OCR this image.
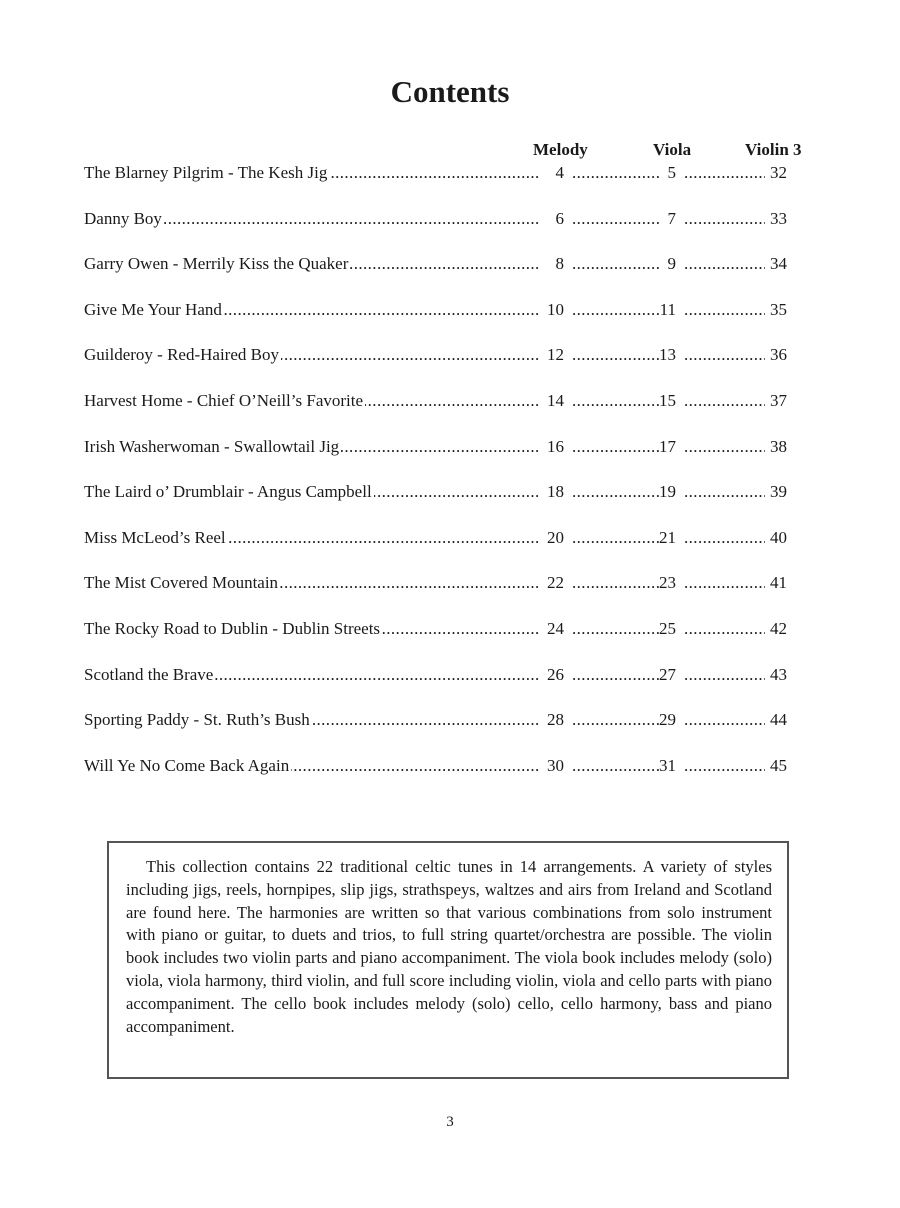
Contents
Melody	Viola	Violin 3
.....
The Blarney Pilgrim - The Kesh Jig	4 .....	5 .....	32
.....
Danny Boy	6 .....	7 .....	33
.....
Garry Owen - Merrily Kiss the Quaker	8 .....	9 .....	34
.....
Give Me Your Hand	10 .....	11 .....	35
.....
Guilderoy - Red-Haired Boy	12 .....	13 .....	36
.....
Harvest Home - Chief O’Neill’s Favorite	14 .....	15 .....	37
.....
Irish Washerwoman - Swallowtail Jig	16 .....	17 .....	38
.....
The Laird o’ Drumblair - Angus Campbell	18 .....	19 .....	39
.....
Miss McLeod’s Reel	20 .....	21 .....	40
.....
The Mist Covered Mountain	22 .....	23 .....	41
.....
The Rocky Road to Dublin - Dublin Streets	24 .....	25 .....	42
.....
Scotland the Brave	26 .....	27 .....	43
.....
Sporting Paddy - St. Ruth’s Bush	28 .....	29 .....	44
.....
Will Ye No Come Back Again	30 .....	31 .....	45
This collection contains 22 traditional celtic tunes in 14 arrangements. A variety of styles including jigs, reels, hornpipes, slip jigs, strathspeys, waltzes and airs from Ireland and Scotland are found here. The harmonies are written so that various combinations from solo instrument with piano or guitar, to duets and trios, to full string quartet/orchestra are possible. The violin book includes two violin parts and piano accompaniment. The viola book includes melody (solo) viola, viola harmony, third violin, and full score including violin, viola and cello parts with piano accompaniment. The cello book includes melody (solo) cello, cello harmony, bass and piano accompaniment.
3
